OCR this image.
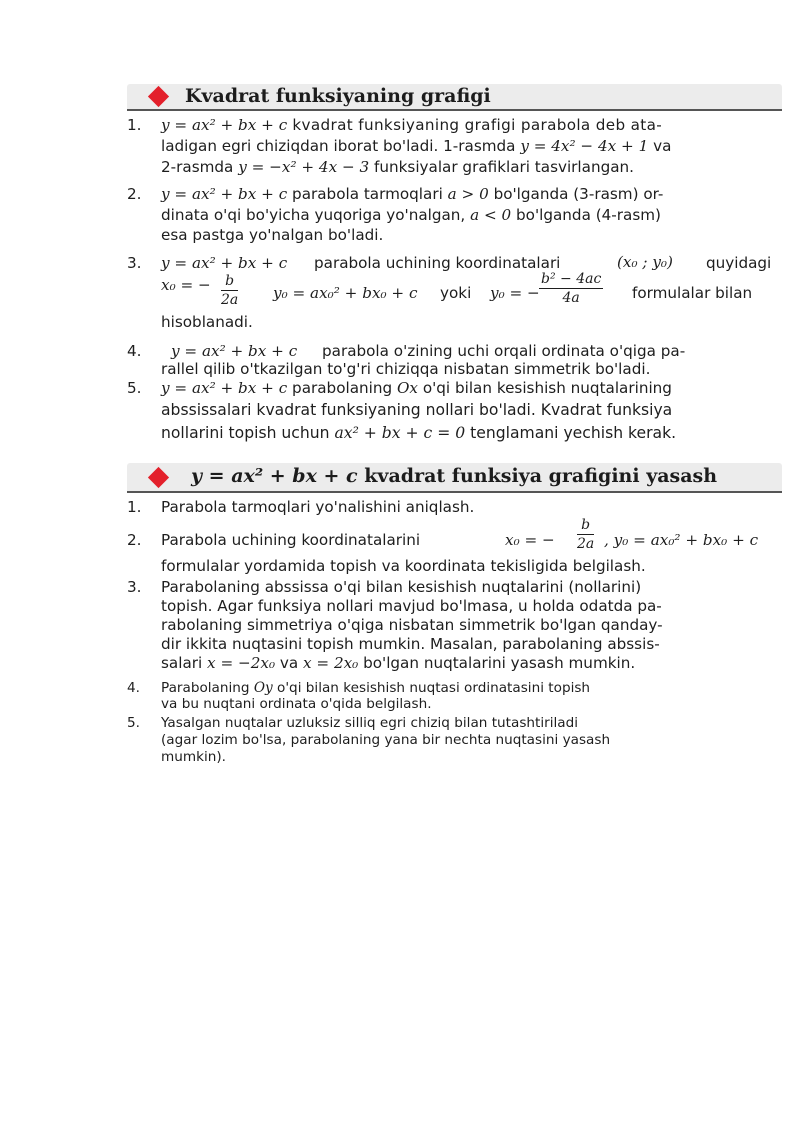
Kvadrat funksiyaning grafigi
1. y = ax² + bx + c kvadrat funksiyaning grafigi parabola deb ata-
ladigan egri chiziqdan iborat bo'ladi. 1-rasmda y = 4x² − 4x + 1 va
2-rasmda y = −x² + 4x − 3 funksiyalar grafiklari tasvirlangan.
2. y = ax² + bx + c parabola tarmoqlari a > 0 bo'lganda (3-rasm) or-
dinata o'qi bo'yicha yuqoriga yo'nalgan, a < 0 bo'lganda (4-rasm)
esa pastga yo'nalgan bo'ladi.
3. y = ax² + bx + c parabola uchining koordinatalari	(x₀ ; y₀) quyidagi
x₀ = − $\frac{b}{2a} y_0 = ax_0^2 + bx_0 + c$ yoki y₀ = − $\frac{\text{b² − 4ac}}{4a}$ formulalar bilan
hisoblanadi.
4. y = ax² + bx + c parabola o'zining uchi orqali ordinata o'qiga pa-
rallel qilib o'tkazilgan to'g'ri chiziqqa nisbatan simmetrik bo'ladi.
5. y = ax² + bx + c parabolaning Ox o'qi bilan kesishish nuqtalarining
abssissalari kvadrat funksiyaning nollari bo'ladi. Kvadrat funksiya
nollarini topish uchun ax² + bx + c = 0 tenglamani yechish kerak.
y = ax² + bx + c kvadrat funksiya grafigini yasash
1. Parabola tarmoqlari yo'nalishini aniqlash.
2. Parabola uchining koordinatalarini	x₀ = − $\frac{b}{2a}$ , y₀ = ax₀² + bx₀ + c
formulalar yordamida topish va koordinata tekisligida belgilash.
3. Parabolaning abssissa o'qi bilan kesishish nuqtalarini (nollarini)
topish. Agar funksiya nollari mavjud bo'lmasa, u holda odatda pa-
rabolaning simmetriya o'qiga nisbatan simmetrik bo'lgan qanday-
dir ikkita nuqtasini topish mumkin. Masalan, parabolaning abssis-
salari x = −2x₀ va x = 2x₀ bo'lgan nuqtalarini yasash mumkin.
4. Parabolaning Oy o'qi bilan kesishish nuqtasi ordinatasini topish
va bu nuqtani ordinata o'qida belgilash.
5. Yasalgan nuqtalar uzluksiz silliq egri chiziq bilan tutashtiriladi
(agar lozim bo'lsa, parabolaning yana bir nechta nuqtasini yasash
mumkin).
